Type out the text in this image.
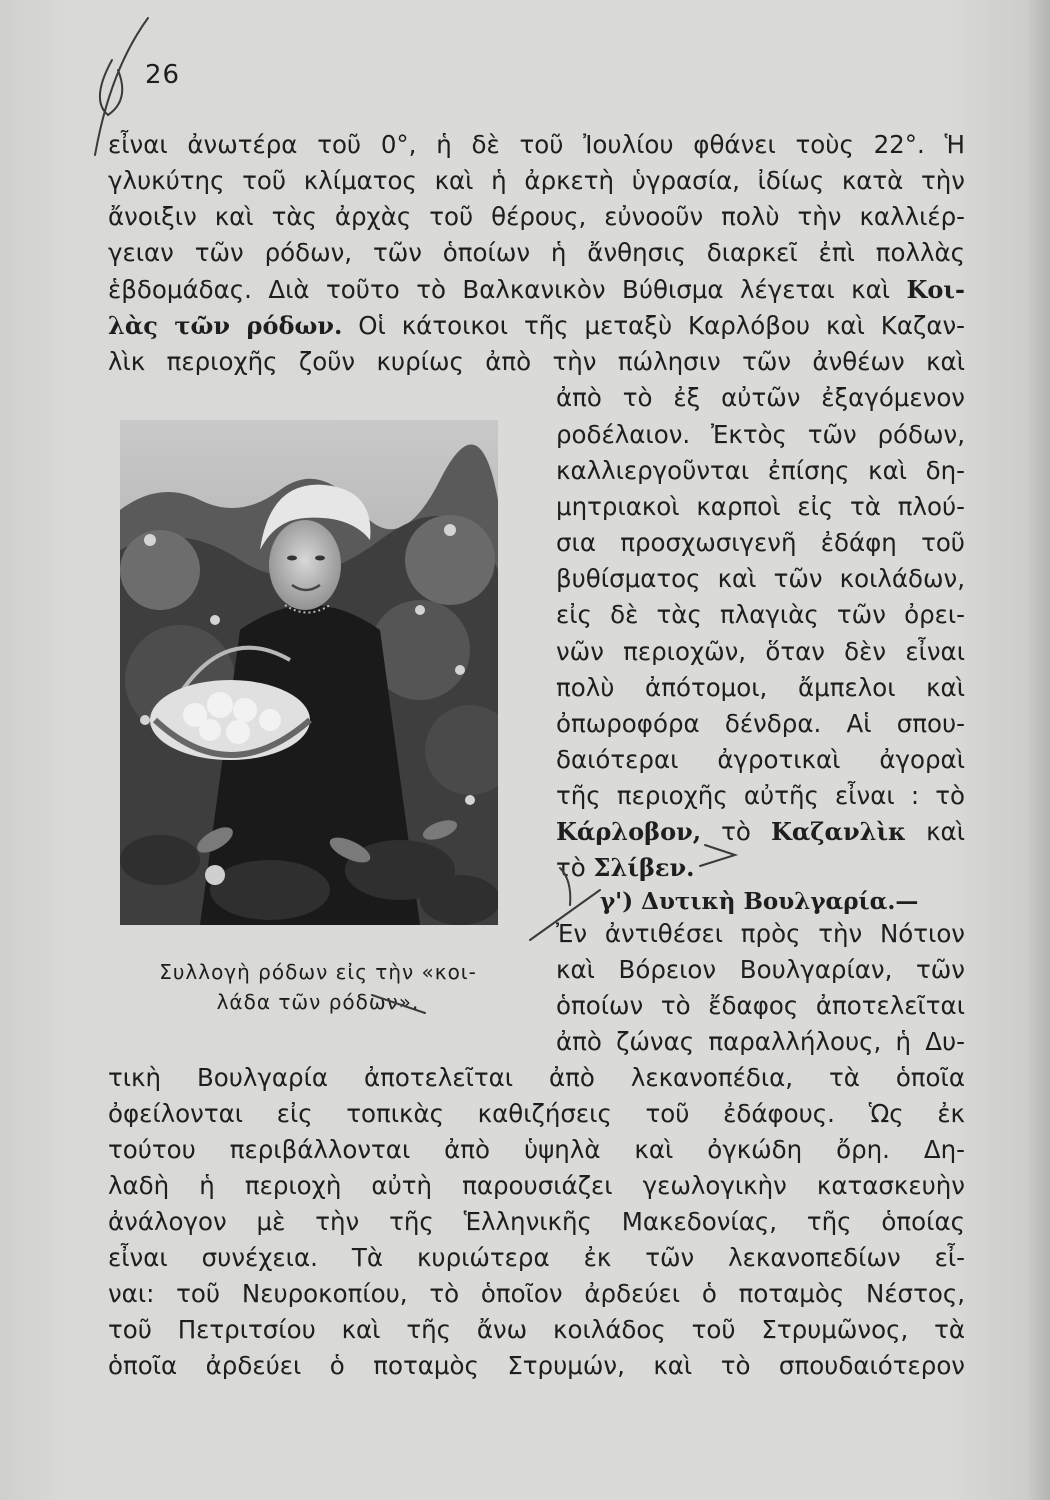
26
εἶναι ἀνωτέρα τοῦ 0°, ἡ δὲ τοῦ Ἰουλίου φθάνει τοὺς 22°. Ἡ
γλυκύτης τοῦ κλίματος καὶ ἡ ἀρκετὴ ὑγρασία, ἰδίως κατὰ τὴν
ἄνοιξιν καὶ τὰς ἀρχὰς τοῦ θέρους, εὐνοοῦν πολὺ τὴν καλλιέρ-
γειαν τῶν ρόδων, τῶν ὁποίων ἡ ἄνθησις διαρκεῖ ἐπὶ πολλὰς
ἑβδομάδας. Διὰ τοῦτο τὸ Βαλκανικὸν Βύθισμα λέγεται καὶ Κοι-
λὰς τῶν ρόδων. Οἱ κάτοικοι τῆς μεταξὺ Καρλόβου καὶ Καζαν-
λὶκ περιοχῆς ζοῦν κυρίως ἀπὸ τὴν πώλησιν τῶν ἀνθέων καὶ
ἀπὸ τὸ ἐξ αὐτῶν ἐξαγόμενον
ροδέλαιον. Ἐκτὸς τῶν ρόδων,
καλλιεργοῦνται ἐπίσης καὶ δη-
μητριακοὶ καρποὶ εἰς τὰ πλού-
σια προσχωσιγενῆ ἐδάφη τοῦ
βυθίσματος καὶ τῶν κοιλάδων,
εἰς δὲ τὰς πλαγιὰς τῶν ὀρει-
νῶν περιοχῶν, ὅταν δὲν εἶναι
πολὺ ἀπότομοι, ἄμπελοι καὶ
ὀπωροφόρα δένδρα. Αἱ σπου-
δαιότεραι ἀγροτικαὶ ἀγοραὶ
τῆς περιοχῆς αὐτῆς εἶναι : τὸ
Κάρλοβον, τὸ Καζανλὶκ καὶ
τὸ Σλίβεν.
γ') Δυτικὴ Βουλγαρία.—
Ἐν ἀντιθέσει πρὸς τὴν Νότιον
καὶ Βόρειον Βουλγαρίαν, τῶν
ὁποίων τὸ ἔδαφος ἀποτελεῖται
ἀπὸ ζώνας παραλλήλους, ἡ Δυ-
τικὴ Βουλγαρία ἀποτελεῖται ἀπὸ λεκανοπέδια, τὰ ὁποῖα
ὀφείλονται εἰς τοπικὰς καθιζήσεις τοῦ ἐδάφους. Ὡς ἐκ
τούτου περιβάλλονται ἀπὸ ὑψηλὰ καὶ ὀγκώδη ὄρη. Δη-
λαδὴ ἡ περιοχὴ αὐτὴ παρουσιάζει γεωλογικὴν κατασκευὴν
ἀνάλογον μὲ τὴν τῆς Ἑλληνικῆς Μακεδονίας, τῆς ὁποίας
εἶναι συνέχεια. Τὰ κυριώτερα ἐκ τῶν λεκανοπεδίων εἶ-
ναι: τοῦ Νευροκοπίου, τὸ ὁποῖον ἀρδεύει ὁ ποταμὸς Νέστος,
τοῦ Πετριτσίου καὶ τῆς ἄνω κοιλάδος τοῦ Στρυμῶνος, τὰ
ὁποῖα ἀρδεύει ὁ ποταμὸς Στρυμών, καὶ τὸ σπουδαιότερον
Συλλογὴ ρόδων εἰς τὴν «κοι-
λάδα τῶν ρόδων».
